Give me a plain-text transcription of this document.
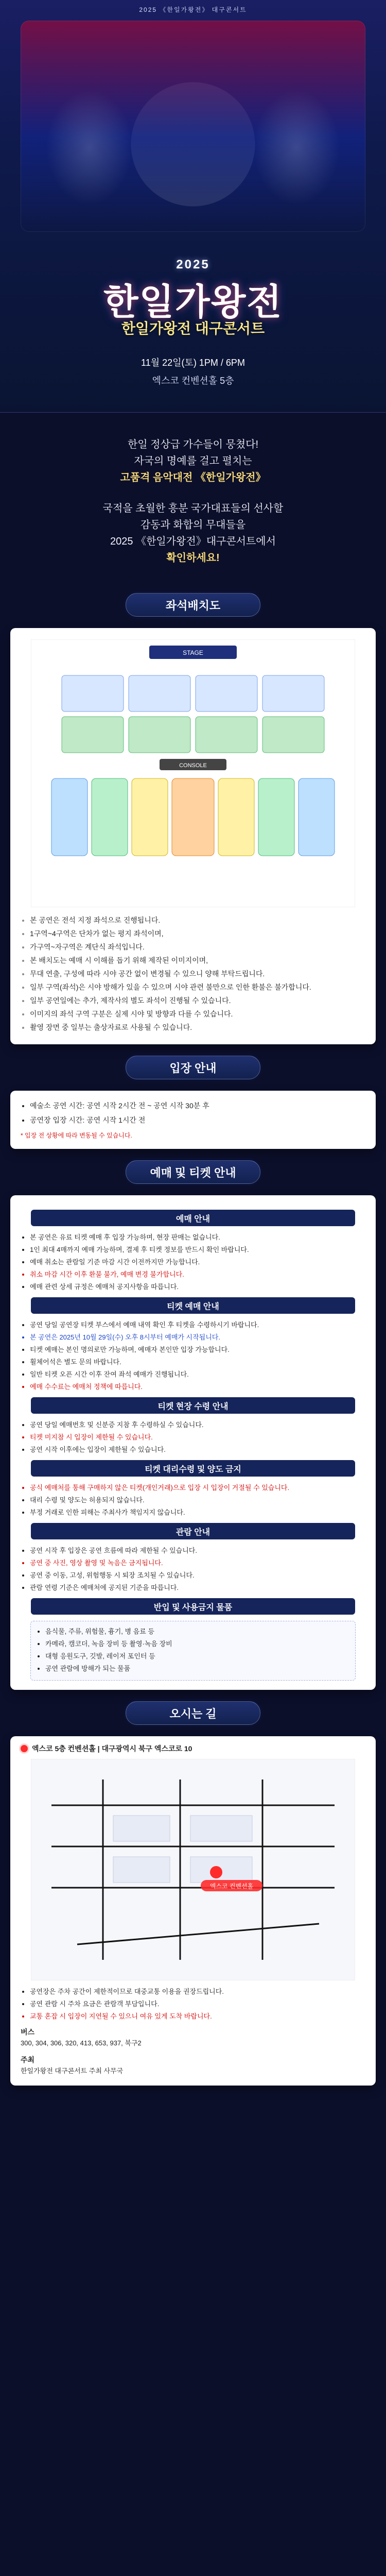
2025 《한일가왕전》 대구콘서트
2025
한일가왕전
한일가왕전 대구콘서트
11월 22일(토) 1PM / 6PM
엑스코 컨벤션홀 5층

한일 정상급 가수들이 뭉쳤다!

자국의 명예를 걸고 펼치는

고품격 음악대전 《한일가왕전》

국적을 초월한 흥분 국가대표들의 선사할

감동과 화합의 무대들을

2025 《한일가왕전》대구콘서트에서

확인하세요!

좌석배치도
STAGE
CONSOLE
• 본 공연은 전석 지정 좌석으로 진행됩니다.
• 1구역~4구역은 단차가 없는 평지 좌석이며,
• 가구역~자구역은 계단식 좌석입니다.
• 본 배치도는 예매 시 이해를 돕기 위해 제작된 이미지이며,
• 무대 연출, 구성에 따라 시야 공간 없이 변경될 수 있으니 양해 부탁드립니다.
• 일부 구역(좌석)은 시야 방해가 있을 수 있으며 시야 관련 불만으로 인한 환불은 불가합니다.
• 일부 공연일에는 추가, 제작사의 별도 좌석이 진행될 수 있습니다.
• 이미지의 좌석 구역 구분은 실제 시야 및 방향과 다를 수 있습니다.
• 촬영 장면 중 일부는 출상자료로 사용될 수 있습니다.
입장 안내
• 예술소 공연 시간: 공연 시작 2시간 전 ~ 공연 시작 30분 후
• 공연장 입장 시간: 공연 시작 1시간 전
* 입장 전 상황에 따라 변동될 수 있습니다.
예매 및 티켓 안내
예매 안내
• 본 공연은 유료 티켓 예매 후 입장 가능하며, 현장 판매는 없습니다.
• 1인 최대 4매까지 예매 가능하며, 결제 후 티켓 정보를 반드시 확인 바랍니다.
• 예매 취소는 관람일 기준 마감 시간 이전까지만 가능합니다.
• 취소 마감 시간 이후 환불 불가, 예매 변경 불가합니다.
• 예매 관련 상세 규정은 예매처 공지사항을 따릅니다.
티켓 예매 안내
• 공연 당일 공연장 티켓 부스에서 예매 내역 확인 후 티켓을 수령하시기 바랍니다.
• 본 공연은 2025년 10월 29일(수) 오후 8시부터 예매가 시작됩니다.
• 티켓 예매는 본인 명의로만 가능하며, 예매자 본인만 입장 가능합니다.
• 휠체어석은 별도 문의 바랍니다.
• 일반 티켓 오픈 시간 이후 잔여 좌석 예매가 진행됩니다.
• 예매 수수료는 예매처 정책에 따릅니다.
티켓 현장 수령 안내
• 공연 당일 예매번호 및 신분증 지참 후 수령하실 수 있습니다.
• 티켓 미지참 시 입장이 제한될 수 있습니다.
• 공연 시작 이후에는 입장이 제한될 수 있습니다.
티켓 대리수령 및 양도 금지
• 공식 예매처를 통해 구매하지 않은 티켓(개인거래)으로 입장 시 입장이 거절될 수 있습니다.
• 대리 수령 및 양도는 허용되지 않습니다.
• 부정 거래로 인한 피해는 주최사가 책임지지 않습니다.
관람 안내
• 공연 시작 후 입장은 공연 흐름에 따라 제한될 수 있습니다.
• 공연 중 사진, 영상 촬영 및 녹음은 금지됩니다.
• 공연 중 이동, 고성, 위험행동 시 퇴장 조치될 수 있습니다.
• 관람 연령 기준은 예매처에 공지된 기준을 따릅니다.
반입 및 사용금지 물품
• 음식물, 주류, 위험물, 흉기, 병 음료 등
• 카메라, 캠코더, 녹음 장비 등 촬영·녹음 장비
• 대형 응원도구, 깃발, 레이저 포인터 등
• 공연 관람에 방해가 되는 물품
오시는 길
엑스코 5층 컨벤션홀 | 대구광역시 북구 엑스코로 10
엑스코 컨벤션홀
• 공연장은 주차 공간이 제한적이므로 대중교통 이용을 권장드립니다.
• 공연 관람 시 주차 요금은 관람객 부담입니다.
• 교통 혼잡 시 입장이 지연될 수 있으니 여유 있게 도착 바랍니다.
버스
300, 304, 306, 320, 413, 653, 937, 북구2
주최
한일가왕전 대구콘서트 주최 사무국
